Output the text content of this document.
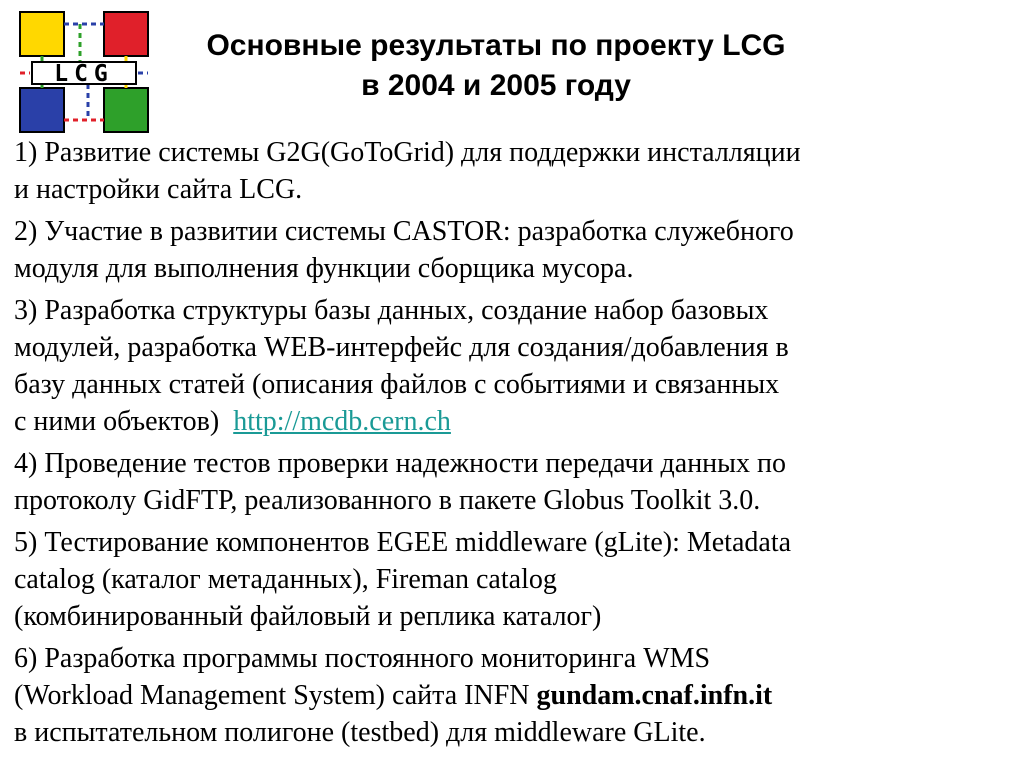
LCG
Основные результаты по проекту LCG
в 2004 и 2005 году
1) Развитие системы G2G(GoToGrid) для поддержки инсталляции
и настройки сайта LCG.
2) Участие в развитии системы CASTOR: разработка служебного
модуля для выполнения функции сборщика мусора.
3) Разработка структуры базы данных, создание набор базовых
модулей, разработка WEB-интерфейс для создания/добавления в
базу данных статей (описания файлов с событиями и связанных
с ними объектов)  http://mcdb.cern.ch
4) Проведение тестов проверки надежности передачи данных по
протоколу GidFTP, реализованного в пакете Globus Toolkit 3.0.
5) Тестирование компонентов EGEE middleware (gLite): Metadata
catalog (каталог метаданных), Fireman catalog
(комбинированный файловый и реплика каталог)
6) Разработка программы постоянного мониторинга WMS
(Workload Management System) сайта INFN gundam.cnaf.infn.it
в испытательном полигоне (testbed) для middleware GLite.
